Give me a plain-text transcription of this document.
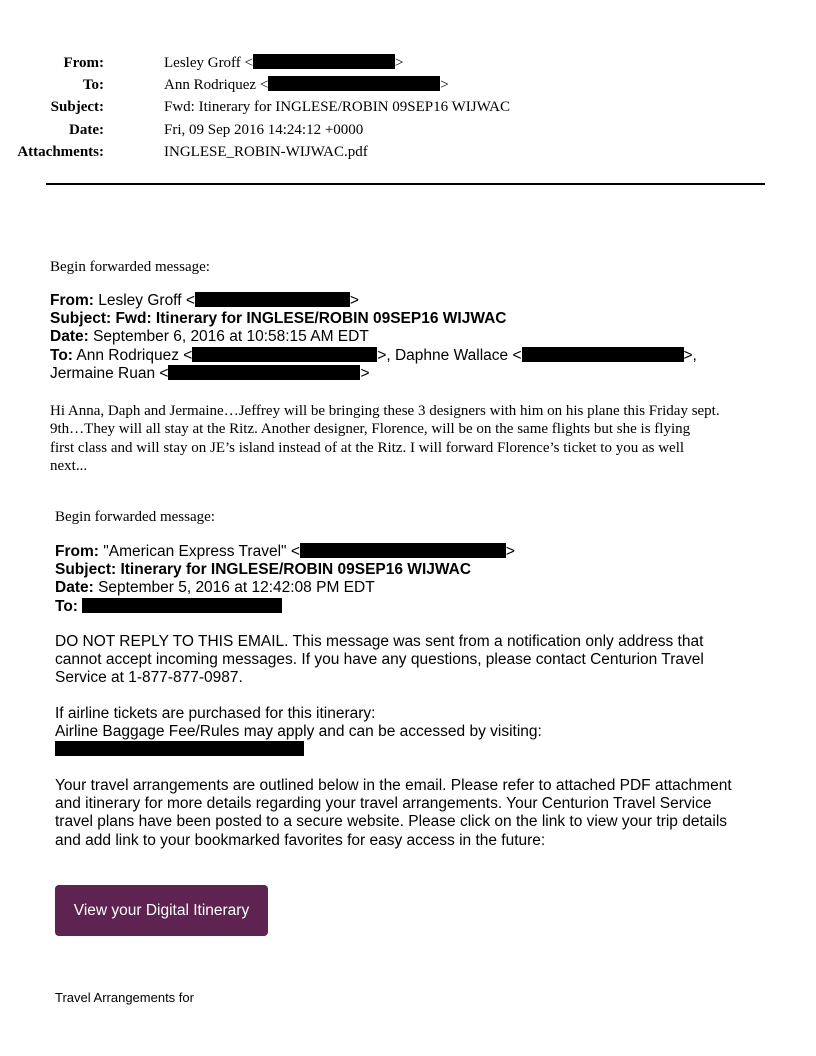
From:	Lesley Groff <	>
To:	Ann Rodriquez <	>
Subject:	Fwd: Itinerary for INGLESE/ROBIN 09SEP16 WIJWAC
Date:	Fri, 09 Sep 2016 14:24:12 +0000
Attachments:	INGLESE_ROBIN-WIJWAC.pdf
Begin forwarded message:
From: Lesley Groff <	>
Subject: Fwd: Itinerary for INGLESE/ROBIN 09SEP16 WIJWAC
Date: September 6, 2016 at 10:58:15 AM EDT
To: Ann Rodriquez <	>, Daphne Wallace <	>,
Jermaine Ruan <	>
Hi Anna, Daph and Jermaine…Jeffrey will be bringing these 3 designers with him on his plane this Friday sept.
9th…They will all stay at the Ritz. Another designer, Florence, will be on the same flights but she is flying
first class and will stay on JE’s island instead of at the Ritz. I will forward Florence’s ticket to you as well
next...
Begin forwarded message:
From: "American Express Travel" <	>
Subject: Itinerary for INGLESE/ROBIN 09SEP16 WIJWAC
Date: September 5, 2016 at 12:42:08 PM EDT
To:
DO NOT REPLY TO THIS EMAIL. This message was sent from a notification only address that
cannot accept incoming messages. If you have any questions, please contact Centurion Travel
Service at 1-877-877-0987.
If airline tickets are purchased for this itinerary:
Airline Baggage Fee/Rules may apply and can be accessed by visiting:
Your travel arrangements are outlined below in the email. Please refer to attached PDF attachment
and itinerary for more details regarding your travel arrangements. Your Centurion Travel Service
travel plans have been posted to a secure website. Please click on the link to view your trip details
and add link to your bookmarked favorites for easy access in the future:
View your Digital Itinerary
Travel Arrangements for
